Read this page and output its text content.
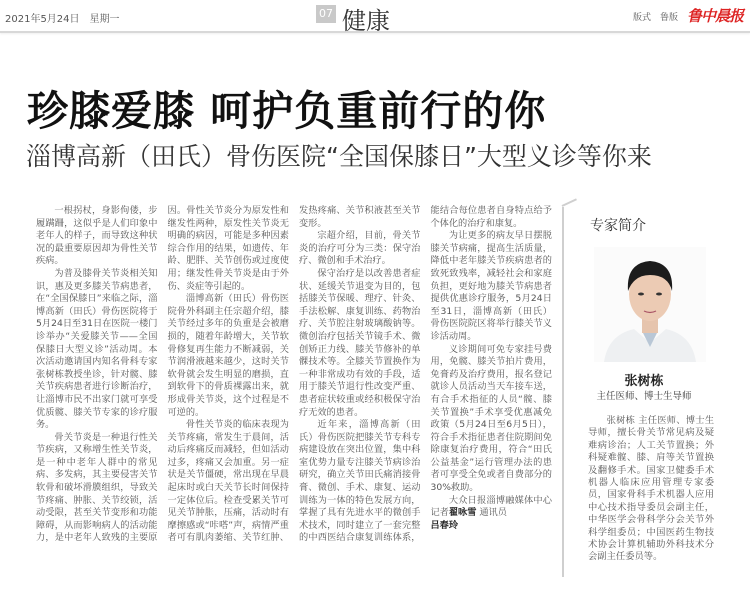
2021年5月24日 星期一	07 健康	版式 鲁版 鲁中晨报
珍膝爱膝 呵护负重前行的你
淄博高新（田氏）骨伤医院“全国保膝日”大型义诊等你来

一根拐杖，身影佝偻，步履蹒跚，这似乎是人们印象中老年人的样子，而导致这种状况的最重要原因却为骨性关节疾病。

为普及膝骨关节炎相关知识，惠及更多膝关节病患者，在“全国保膝日”来临之际，淄博高新（田氏）骨伤医院将于5月24日至31日在医院一楼门诊举办“关爱膝关节——全国保膝日大型义诊”活动周。本次活动邀请国内知名骨科专家张树栋教授坐诊，针对髋、膝关节疾病患者进行诊断治疗，让淄博市民不出家门就可享受优质髋、膝关节专家的诊疗服务。

骨关节炎是一种退行性关节疾病，又称增生性关节炎，是一种中老年人群中的常见病、多发病，其主要侵害关节软骨和破坏滑膜组织，导致关节疼痛、肿胀、关节绞锁，活动受限，甚至关节变形和功能障碍，从而影响病人的活动能力，是中老年人致残的主要原因。骨性关节炎分为原发性和继发性两种，原发性关节炎无明确的病因，可能是多种因素综合作用的结果，如遗传、年龄、肥胖、关节创伤或过度使用；继发性骨关节炎是由于外伤、炎症等引起的。

淄博高新（田氏）骨伤医院骨外科副主任宗超介绍，膝关节经过多年的负重是会被磨损的，随着年龄增大，关节软骨修复再生能力不断减弱，关节润滑液越来越少，这时关节软骨就会发生明显的磨损，直到软骨下的骨质裸露出来，就形成骨关节炎，这个过程是不可逆的。

骨性关节炎的临床表现为关节疼痛，常发生于晨间，活动后疼痛反而减轻，但如活动过多，疼痛又会加重。另一症状是关节僵硬，常出现在早晨起床时或白天关节长时间保持一定体位后。检查受累关节可见关节肿胀，压痛，活动时有摩擦感或“咔嗒”声，病情严重者可有肌肉萎缩、关节红肿、发热疼痛、关节积液甚至关节变形。

宗超介绍，目前，骨关节炎的治疗可分为三类：保守治疗、微创和手术治疗。

保守治疗是以改善患者症状、延缓关节退变为目的，包括膝关节保暖、理疗、针灸、手法松解、康复训练、药物治疗、关节腔注射玻璃酸钠等。微创治疗包括关节镜手术、微创矫正力线、膝关节修补的单髁技术等。全膝关节置换作为一种非常成功有效的手段，适用于膝关节退行性改变严重、患者症状较重或经积极保守治疗无效的患者。

近年来，淄博高新（田氏）骨伤医院把膝关节专科专病建设放在突出位置，集中科室优势力量专注膝关节病诊治研究，确立关节田氏痛消接骨膏、微创、手术、康复、运动训练为一体的特色发展方向，掌握了具有先进水平的微创手术技术，同时建立了一套完整的中西医结合康复训练体系，能结合每位患者自身特点给予个体化的治疗和康复。

为让更多的病友早日摆脱膝关节病痛，提高生活质量，降低中老年膝关节疾病患者的致死致残率，减轻社会和家庭负担，更好地为膝关节病患者提供优惠诊疗服务，5月24日至31日，淄博高新（田氏）骨伤医院院区将举行膝关节义诊活动周。

义诊期间可免专家挂号费用，免髋、膝关节拍片费用，免膏药及治疗费用，报名登记就诊人员活动当天车接车送，有合手术指征的人员“髋、膝关节置换”手术享受优惠减免政策（5月24日至6月5日），符合手术指征患者住院期间免除康复治疗费用，符合“田氏公益基金”运行管理办法的患者可享受全免或者自费部分的30%救助。

大众日报淄博融媒体中心记者翟咏雪 通讯员
吕春玲

专家简介
张树栋
主任医师、博士生导师
张树栋 主任医师、博士生导师，擅长骨关节常见病及疑难病诊治；人工关节置换；外科疑难髋、膝、肩等关节置换及翻修手术。国家卫健委手术机器人临床应用管理专家委员，国家骨科手术机器人应用中心技术指导委员会副主任，中华医学会骨科学分会关节外科学组委员；中国医药生物技术协会计算机辅助外科技术分会副主任委员等。
